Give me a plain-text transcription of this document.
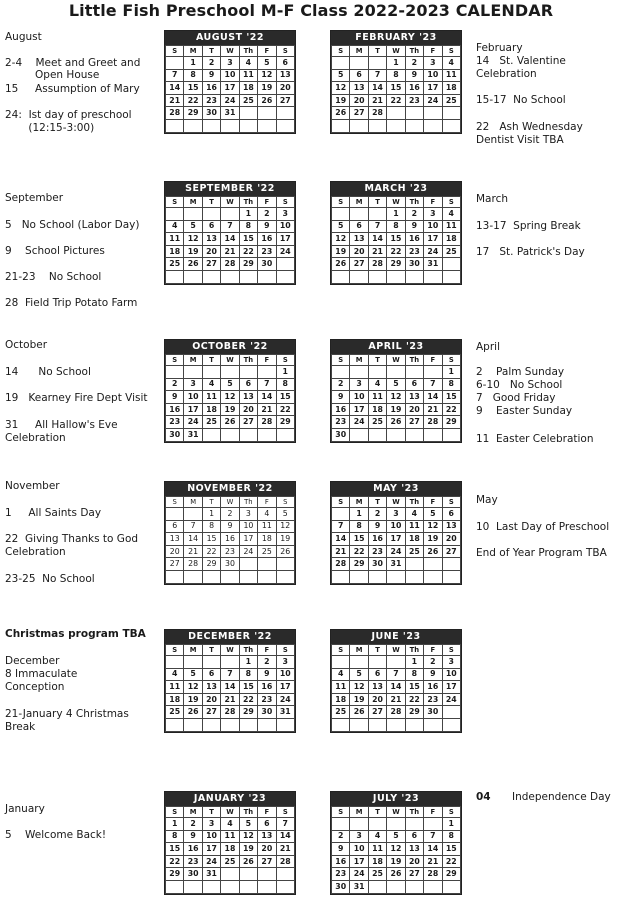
Little Fish Preschool M-F Class 2022-2023 CALENDAR
August
2-4    Meet and Greet and
Open House
15     Assumption of Mary
24:  Ist day of preschool
(12:15-3:00)
September
5   No School (Labor Day)
9    School Pictures
21-23    No School
28  Field Trip Potato Farm
October
14      No School
19   Kearney Fire Dept Visit
31     All Hallow's Eve
Celebration
November
1     All Saints Day
22  Giving Thanks to God
Celebration
23-25  No School
Christmas program TBA
December
8 Immaculate
Conception
21-January 4 Christmas
Break
January
5    Welcome Back!
February
14   St. Valentine
Celebration
15-17  No School
22   Ash Wednesday
Dentist Visit TBA
March
13-17  Spring Break
17   St. Patrick's Day
April
2    Palm Sunday
6-10   No School
7   Good Friday
9    Easter Sunday
11  Easter Celebration
May
10  Last Day of Preschool
End of Year Program TBA
04 Independence Day
AUGUST '22
S	M	T	W	Th	F	S
	1	2	3	4	5	6
7	8	9	10	11	12	13
14	15	16	17	18	19	20
21	22	23	24	25	26	27
28	29	30	31			

FEBRUARY '23
S	M	T	W	Th	F	S
			1	2	3	4
5	6	7	8	9	10	11
12	13	14	15	16	17	18
19	20	21	22	23	24	25
26	27	28				

SEPTEMBER '22
S	M	T	W	Th	F	S
				1	2	3
4	5	6	7	8	9	10
11	12	13	14	15	16	17
18	19	20	21	22	23	24
25	26	27	28	29	30	

MARCH '23
S	M	T	W	Th	F	S
			1	2	3	4
5	6	7	8	9	10	11
12	13	14	15	16	17	18
19	20	21	22	23	24	25
26	27	28	29	30	31	

OCTOBER '22
S	M	T	W	Th	F	S
						1
2	3	4	5	6	7	8
9	10	11	12	13	14	15
16	17	18	19	20	21	22
23	24	25	26	27	28	29
30	31					
APRIL '23
S	M	T	W	Th	F	S
						1
2	3	4	5	6	7	8
9	10	11	12	13	14	15
16	17	18	19	20	21	22
23	24	25	26	27	28	29
30						
NOVEMBER '22
S	M	T	W	Th	F	S
		1	2	3	4	5
6	7	8	9	10	11	12
13	14	15	16	17	18	19
20	21	22	23	24	25	26
27	28	29	30			

MAY '23
S	M	T	W	Th	F	S
	1	2	3	4	5	6
7	8	9	10	11	12	13
14	15	16	17	18	19	20
21	22	23	24	25	26	27
28	29	30	31			

DECEMBER '22
S	M	T	W	Th	F	S
				1	2	3
4	5	6	7	8	9	10
11	12	13	14	15	16	17
18	19	20	21	22	23	24
25	26	27	28	29	30	31

JUNE '23
S	M	T	W	Th	F	S
				1	2	3
4	5	6	7	8	9	10
11	12	13	14	15	16	17
18	19	20	21	22	23	24
25	26	27	28	29	30	

JANUARY '23
S	M	T	W	Th	F	S
1	2	3	4	5	6	7
8	9	10	11	12	13	14
15	16	17	18	19	20	21
22	23	24	25	26	27	28
29	30	31				

JULY '23
S	M	T	W	Th	F	S
						1
2	3	4	5	6	7	8
9	10	11	12	13	14	15
16	17	18	19	20	21	22
23	24	25	26	27	28	29
30	31					
